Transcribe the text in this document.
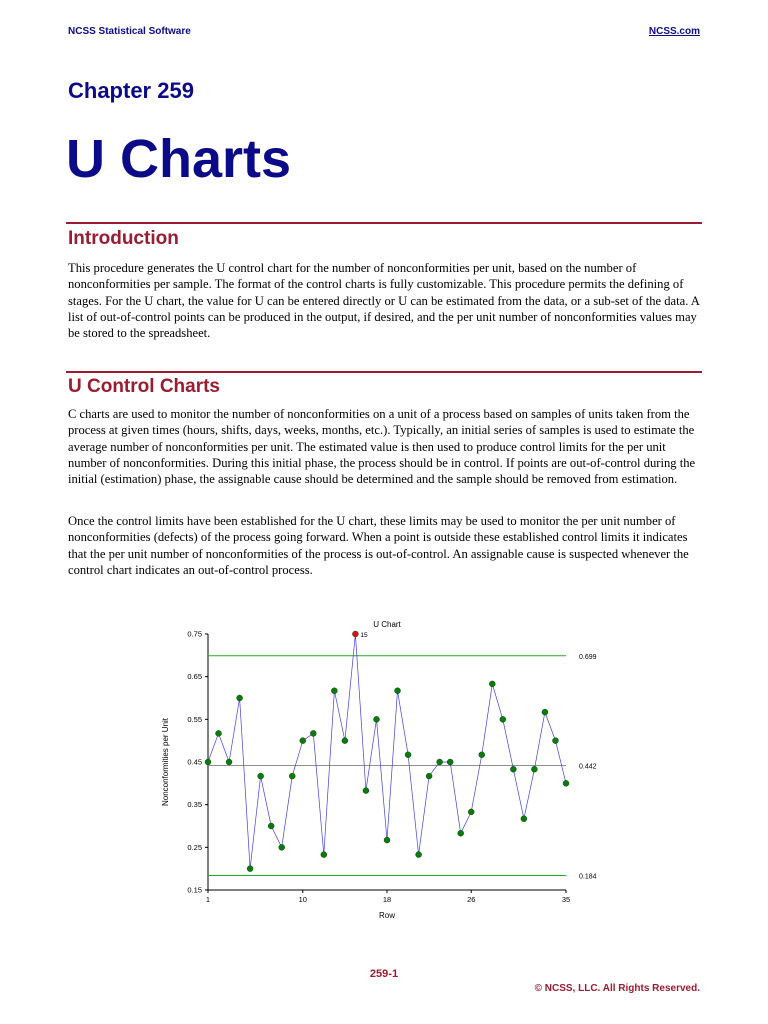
NCSS Statistical Software	NCSS.com
Chapter 259
U Charts
Introduction

This procedure generates the U control chart for the number of nonconformities per unit, based on the number of nonconformities per sample. The format of the control charts is fully customizable. This procedure permits the defining of stages. For the U chart, the value for U can be entered directly or U can be estimated from the data, or a sub-set of the data. A list of out-of-control points can be produced in the output, if desired, and the per unit number of nonconformities values may be stored to the spreadsheet.

U Control Charts

C charts are used to monitor the number of nonconformities on a unit of a process based on samples of units taken from the process at given times (hours, shifts, days, weeks, months, etc.). Typically, an initial series of samples is used to estimate the average number of nonconformities per unit. The estimated value is then used to produce control limits for the per unit number of nonconformities. During this initial phase, the process should be in control. If points are out-of-control during the initial (estimation) phase, the assignable cause should be determined and the sample should be removed from estimation.

Once the control limits have been established for the U chart, these limits may be used to monitor the per unit number of nonconformities (defects) of the process going forward. When a point is outside these established control limits it indicates that the per unit number of nonconformities of the process is out-of-control. An assignable cause is suspected whenever the control chart indicates an out-of-control process.

0.15
0.25
0.35
0.45
0.55
0.65
0.75
1	10	18	26	35
U Chart
Row
Nonconformities per Unit
0.699
0.442
0.184
15
259-1
© NCSS, LLC. All Rights Reserved.
